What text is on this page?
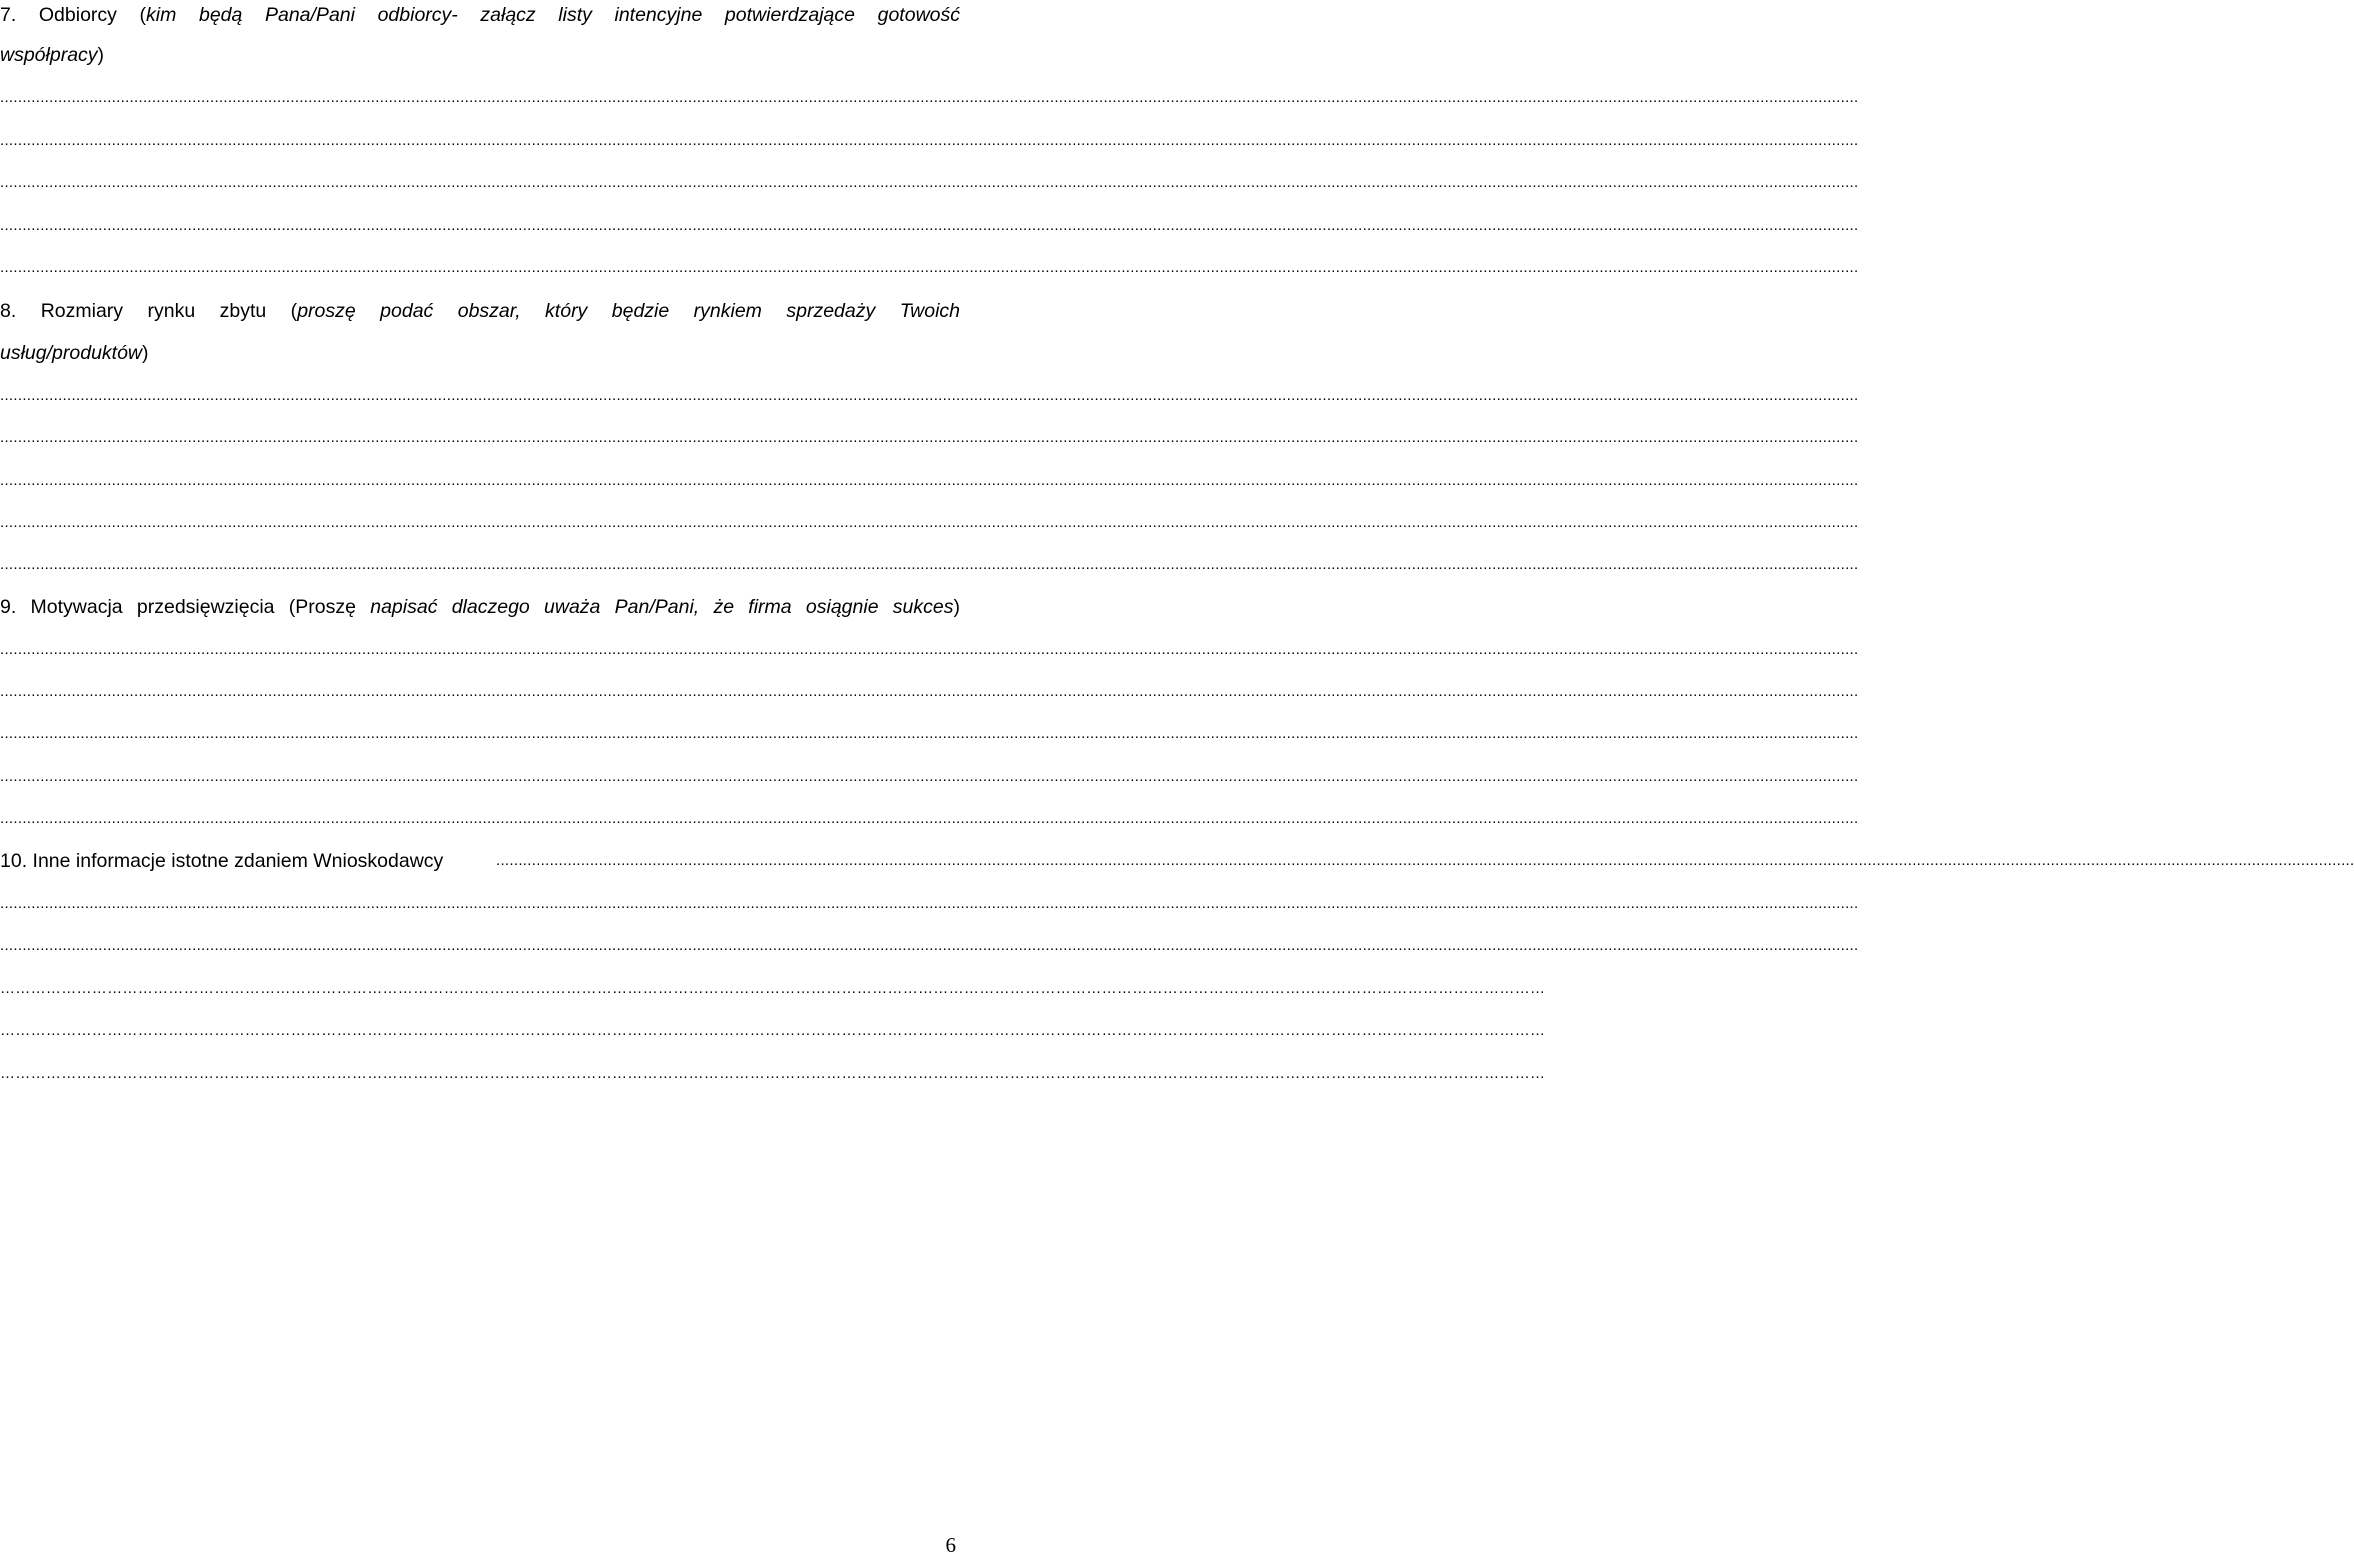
7. Odbiorcy (kim będą Pana/Pani odbiorcy- załącz listy intencyjne potwierdzające gotowość
współpracy)
................................................................................................................................................................................................................................................................................................................................................................................................................................
................................................................................................................................................................................................................................................................................................................................................................................................................................
................................................................................................................................................................................................................................................................................................................................................................................................................................
................................................................................................................................................................................................................................................................................................................................................................................................................................
................................................................................................................................................................................................................................................................................................................................................................................................................................
8. Rozmiary rynku zbytu (proszę podać obszar, który będzie rynkiem sprzedaży Twoich
usług/produktów)
................................................................................................................................................................................................................................................................................................................................................................................................................................
................................................................................................................................................................................................................................................................................................................................................................................................................................
................................................................................................................................................................................................................................................................................................................................................................................................................................
................................................................................................................................................................................................................................................................................................................................................................................................................................
................................................................................................................................................................................................................................................................................................................................................................................................................................
9. Motywacja przedsięwzięcia (Proszę napisać dlaczego uważa Pan/Pani, że firma osiągnie sukces)
................................................................................................................................................................................................................................................................................................................................................................................................................................
................................................................................................................................................................................................................................................................................................................................................................................................................................
................................................................................................................................................................................................................................................................................................................................................................................................................................
................................................................................................................................................................................................................................................................................................................................................................................................................................
................................................................................................................................................................................................................................................................................................................................................................................................................................
10. Inne informacje istotne zdaniem Wnioskodawcy	................................................................................................................................................................................................................................................................................................................................................................................................................................
................................................................................................................................................................................................................................................................................................................................................................................................................................
................................................................................................................................................................................................................................................................................................................................................................................................................................
……………………………………………………………………………………………………………………………………………………………………………………………………………………………………………………………………………
……………………………………………………………………………………………………………………………………………………………………………………………………………………………………………………………………………
……………………………………………………………………………………………………………………………………………………………………………………………………………………………………………………………………………
6
